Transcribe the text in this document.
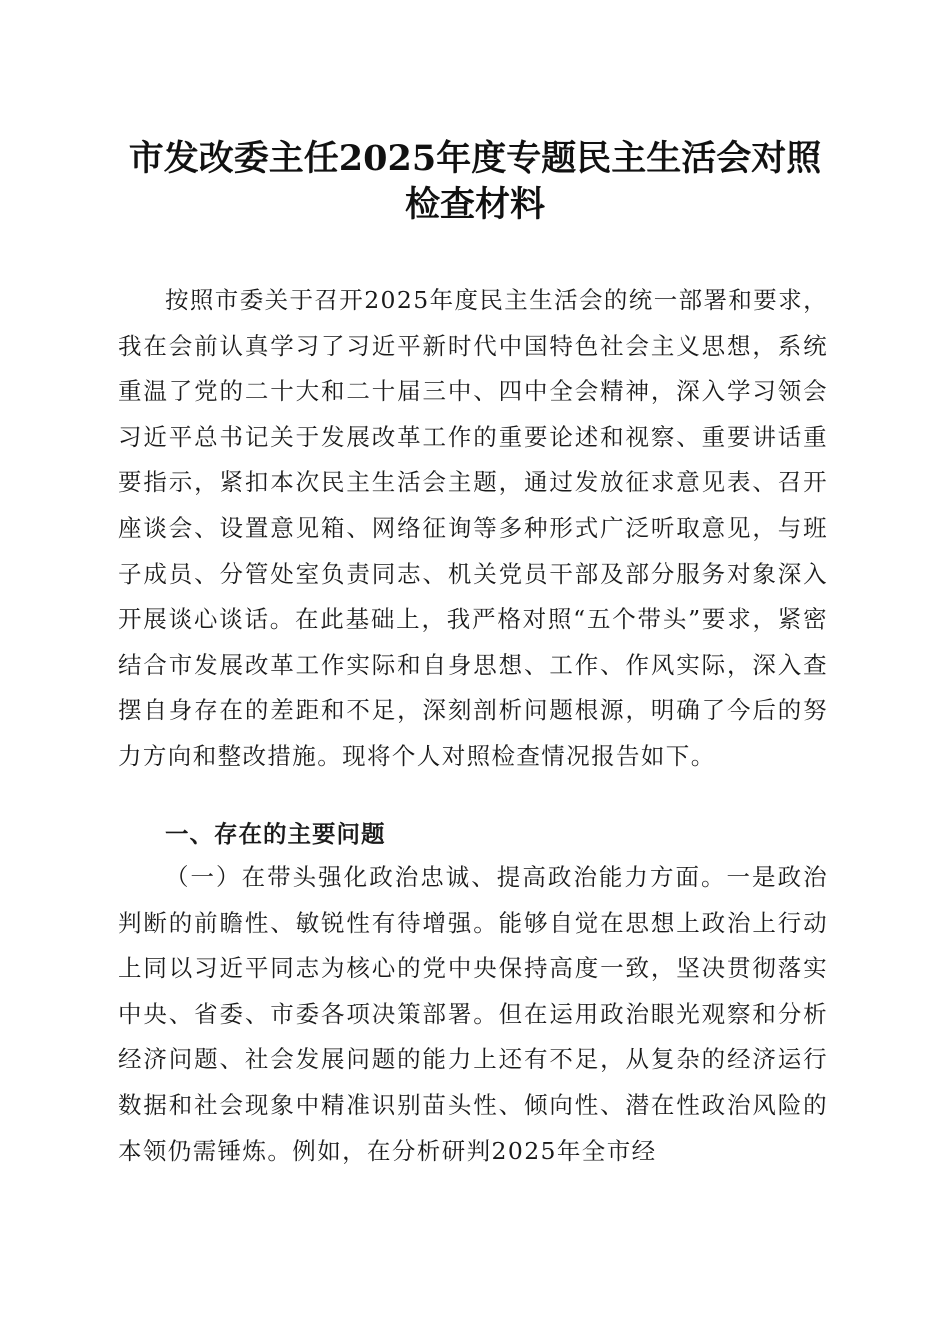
市发改委主任2025年度专题民主生活会对照
检查材料

按照市委关于召开2025年度民主生活会的统一部署和要求，我在会前认真学习了习近平新时代中国特色社会主义思想，系统重温了党的二十大和二十届三中、四中全会精神，深入学习领会习近平总书记关于发展改革工作的重要论述和视察、重要讲话重要指示，紧扣本次民主生活会主题，通过发放征求意见表、召开座谈会、设置意见箱、网络征询等多种形式广泛听取意见，与班子成员、分管处室负责同志、机关党员干部及部分服务对象深入开展谈心谈话。在此基础上，我严格对照“五个带头”要求，紧密结合市发展改革工作实际和自身思想、工作、作风实际，深入查摆自身存在的差距和不足，深刻剖析问题根源，明确了今后的努力方向和整改措施。现将个人对照检查情况报告如下。

一、存在的主要问题

（一）在带头强化政治忠诚、提高政治能力方面。一是政治判断的前瞻性、敏锐性有待增强。能够自觉在思想上政治上行动上同以习近平同志为核心的党中央保持高度一致，坚决贯彻落实中央、省委、市委各项决策部署。但在运用政治眼光观察和分析经济问题、社会发展问题的能力上还有不足，从复杂的经济运行数据和社会现象中精准识别苗头性、倾向性、潜在性政治风险的本领仍需锤炼。例如，在分析研判2025年全市经
